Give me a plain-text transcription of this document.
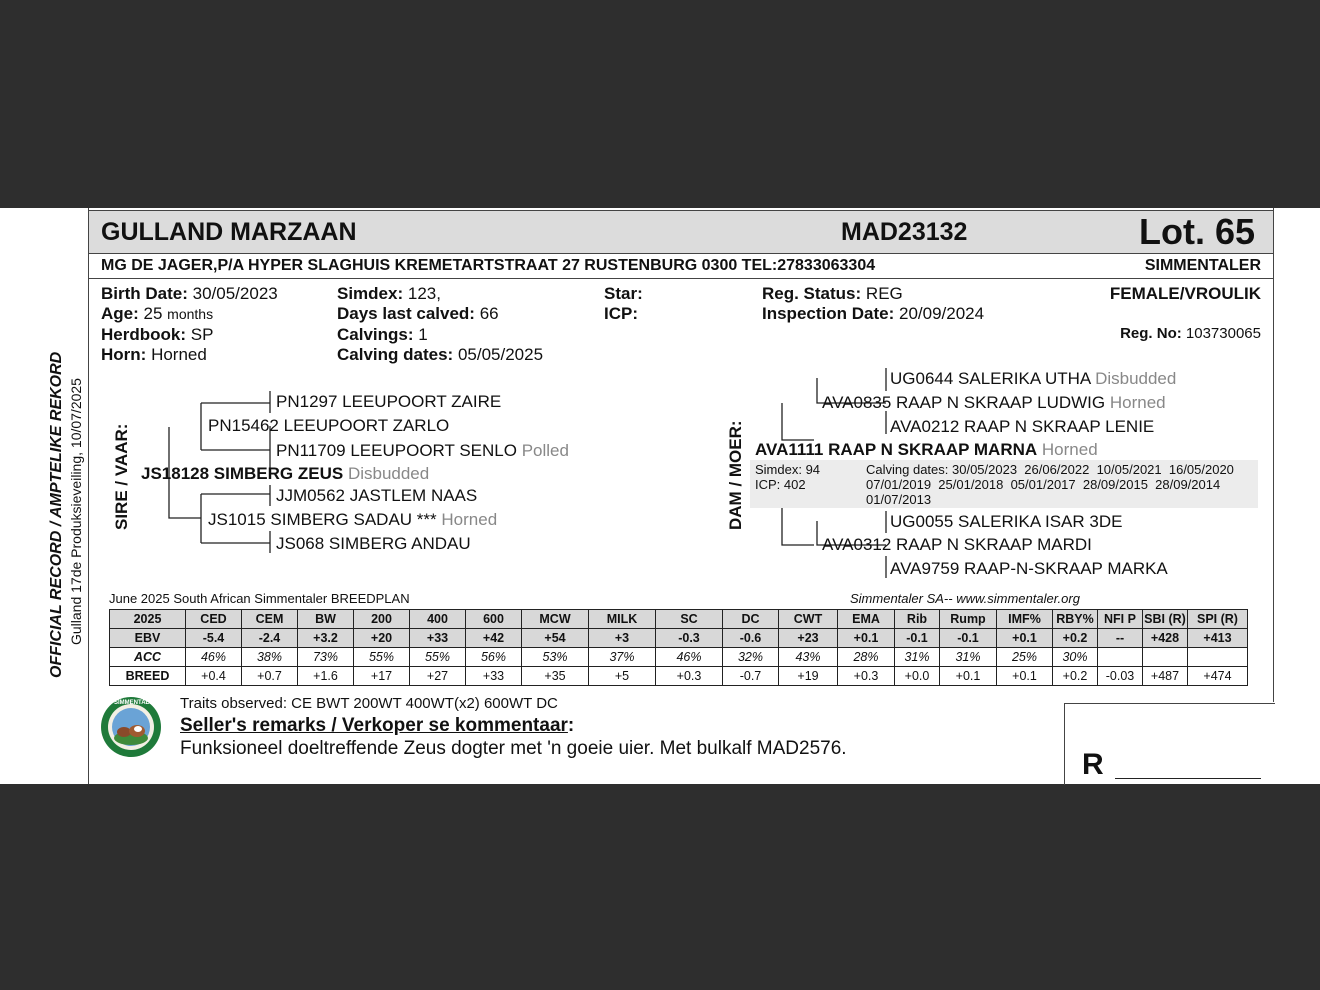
OFFICIAL RECORD / AMPTELIKE REKORD Gulland 17de Produksieveiling, 10/07/2025
GULLAND MARZAAN	MAD23132	Lot. 65
MG DE JAGER,P/A HYPER SLAGHUIS KREMETARTSTRAAT 27 RUSTENBURG 0300 TEL:27833063304	SIMMENTALER
Birth Date: 30/05/2023
Age: 25 months
Herdbook: SP
Horn: Horned
Simdex: 123,
Days last calved: 66
Calvings: 1
Calving dates: 05/05/2025
Star:
ICP:
Reg. Status: REG
Inspection Date: 20/09/2024
FEMALE/VROULIK
Reg. No: 103730065
SIRE / VAAR:	DAM / MOER:
PN1297 LEEUPOORT ZAIRE
PN15462 LEEUPOORT ZARLO
PN11709 LEEUPOORT SENLO Polled
JS18128 SIMBERG ZEUS Disbudded
JJM0562 JASTLEM NAAS
JS1015 SIMBERG SADAU *** Horned
JS068 SIMBERG ANDAU
UG0644 SALERIKA UTHA Disbudded
AVA0835 RAAP N SKRAAP LUDWIG Horned
AVA0212 RAAP N SKRAAP LENIE
AVA1111 RAAP N SKRAAP MARNA Horned
Simdex: 94
ICP: 402
Calving dates: 30/05/2023  26/06/2022  10/05/2021  16/05/2020
07/01/2019  25/01/2018  05/01/2017  28/09/2015  28/09/2014
01/07/2013
UG0055 SALERIKA ISAR 3DE
AVA0312 RAAP N SKRAAP MARDI
AVA9759 RAAP-N-SKRAAP MARKA
June 2025 South African Simmentaler BREEDPLAN	Simmentaler SA-- www.simmentaler.org
2025	CED	CEM	BW	200	400	600	MCW	MILK	SC	DC	CWT	EMA	Rib	Rump	IMF%	RBY%	NFI P	SBI (R)	SPI (R)
EBV	-5.4	-2.4	+3.2	+20	+33	+42	+54	+3	-0.3	-0.6	+23	+0.1	-0.1	-0.1	+0.1	+0.2	--	+428	+413
ACC	46%	38%	73%	55%	55%	56%	53%	37%	46%	32%	43%	28%	31%	31%	25%	30%			
BREED	+0.4	+0.7	+1.6	+17	+27	+33	+35	+5	+0.3	-0.7	+19	+0.3	+0.0	+0.1	+0.1	+0.2	-0.03	+487	+474
Traits observed: CE BWT 200WT 400WT(x2) 600WT DC
SIMMENTALER
Seller's remarks / Verkoper se kommentaar:
Funksioneel doeltreffende Zeus dogter met 'n goeie uier. Met bulkalf MAD2576.	R
